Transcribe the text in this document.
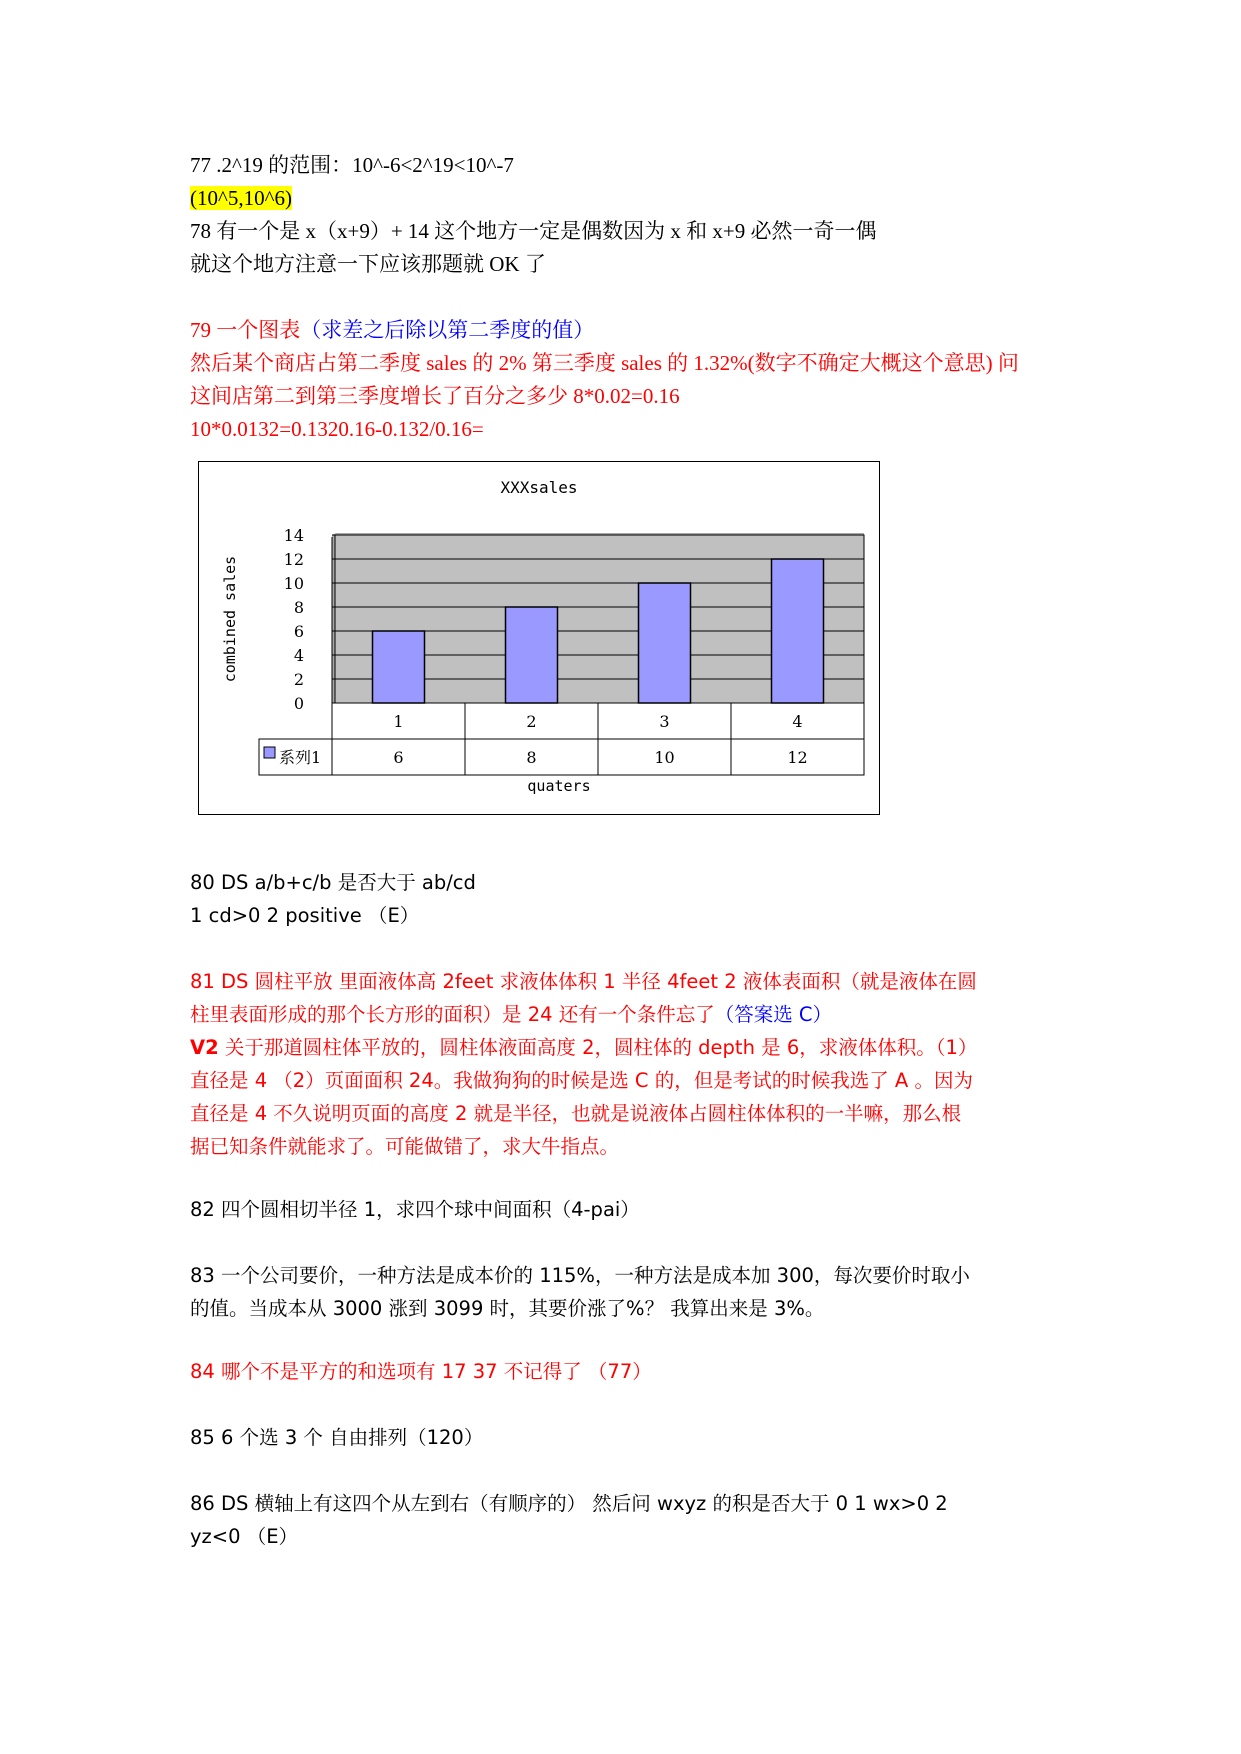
77 .2^19 的范围：10^-6<2^19<10^-7
(10^5,10^6)
78 有一个是 x（x+9）+ 14 这个地方一定是偶数因为 x 和 x+9 必然一奇一偶
就这个地方注意一下应该那题就 OK 了
79 一个图表（求差之后除以第二季度的值）
然后某个商店占第二季度 sales 的 2% 第三季度 sales 的 1.32%(数字不确定大概这个意思) 问
这间店第二到第三季度增长了百分之多少 8*0.02=0.16
10*0.0132=0.1320.16-0.132/0.16=
0
2
4
6
8
10
12
14
XXXsales
combined sales
1
6
2
8
3
10
4
12
系列1
quaters
80 DS a/b+c/b 是否大于 ab/cd
1 cd>0 2 positive （E）
81 DS 圆柱平放 里面液体高 2feet 求液体体积 1 半径 4feet 2 液体表面积（就是液体在圆
柱里表面形成的那个长方形的面积）是 24 还有一个条件忘了（答案选 C）
V2 关于那道圆柱体平放的，圆柱体液面高度 2，圆柱体的 depth 是 6，求液体体积。（1）
直径是 4 （2）页面面积 24。我做狗狗的时候是选 C 的，但是考试的时候我选了 A 。因为
直径是 4 不久说明页面的高度 2 就是半径，也就是说液体占圆柱体体积的一半嘛，那么根
据已知条件就能求了。可能做错了，求大牛指点。
82 四个圆相切半径 1，求四个球中间面积（4-pai）
83 一个公司要价，一种方法是成本价的 115%，一种方法是成本加 300，每次要价时取小
的值。当成本从 3000 涨到 3099 时，其要价涨了%？ 我算出来是 3%。
84 哪个不是平方的和选项有 17 37 不记得了 （77）
85 6 个选 3 个 自由排列（120）
86 DS 横轴上有这四个从左到右（有顺序的） 然后问 wxyz 的积是否大于 0 1 wx>0 2
yz<0 （E）
